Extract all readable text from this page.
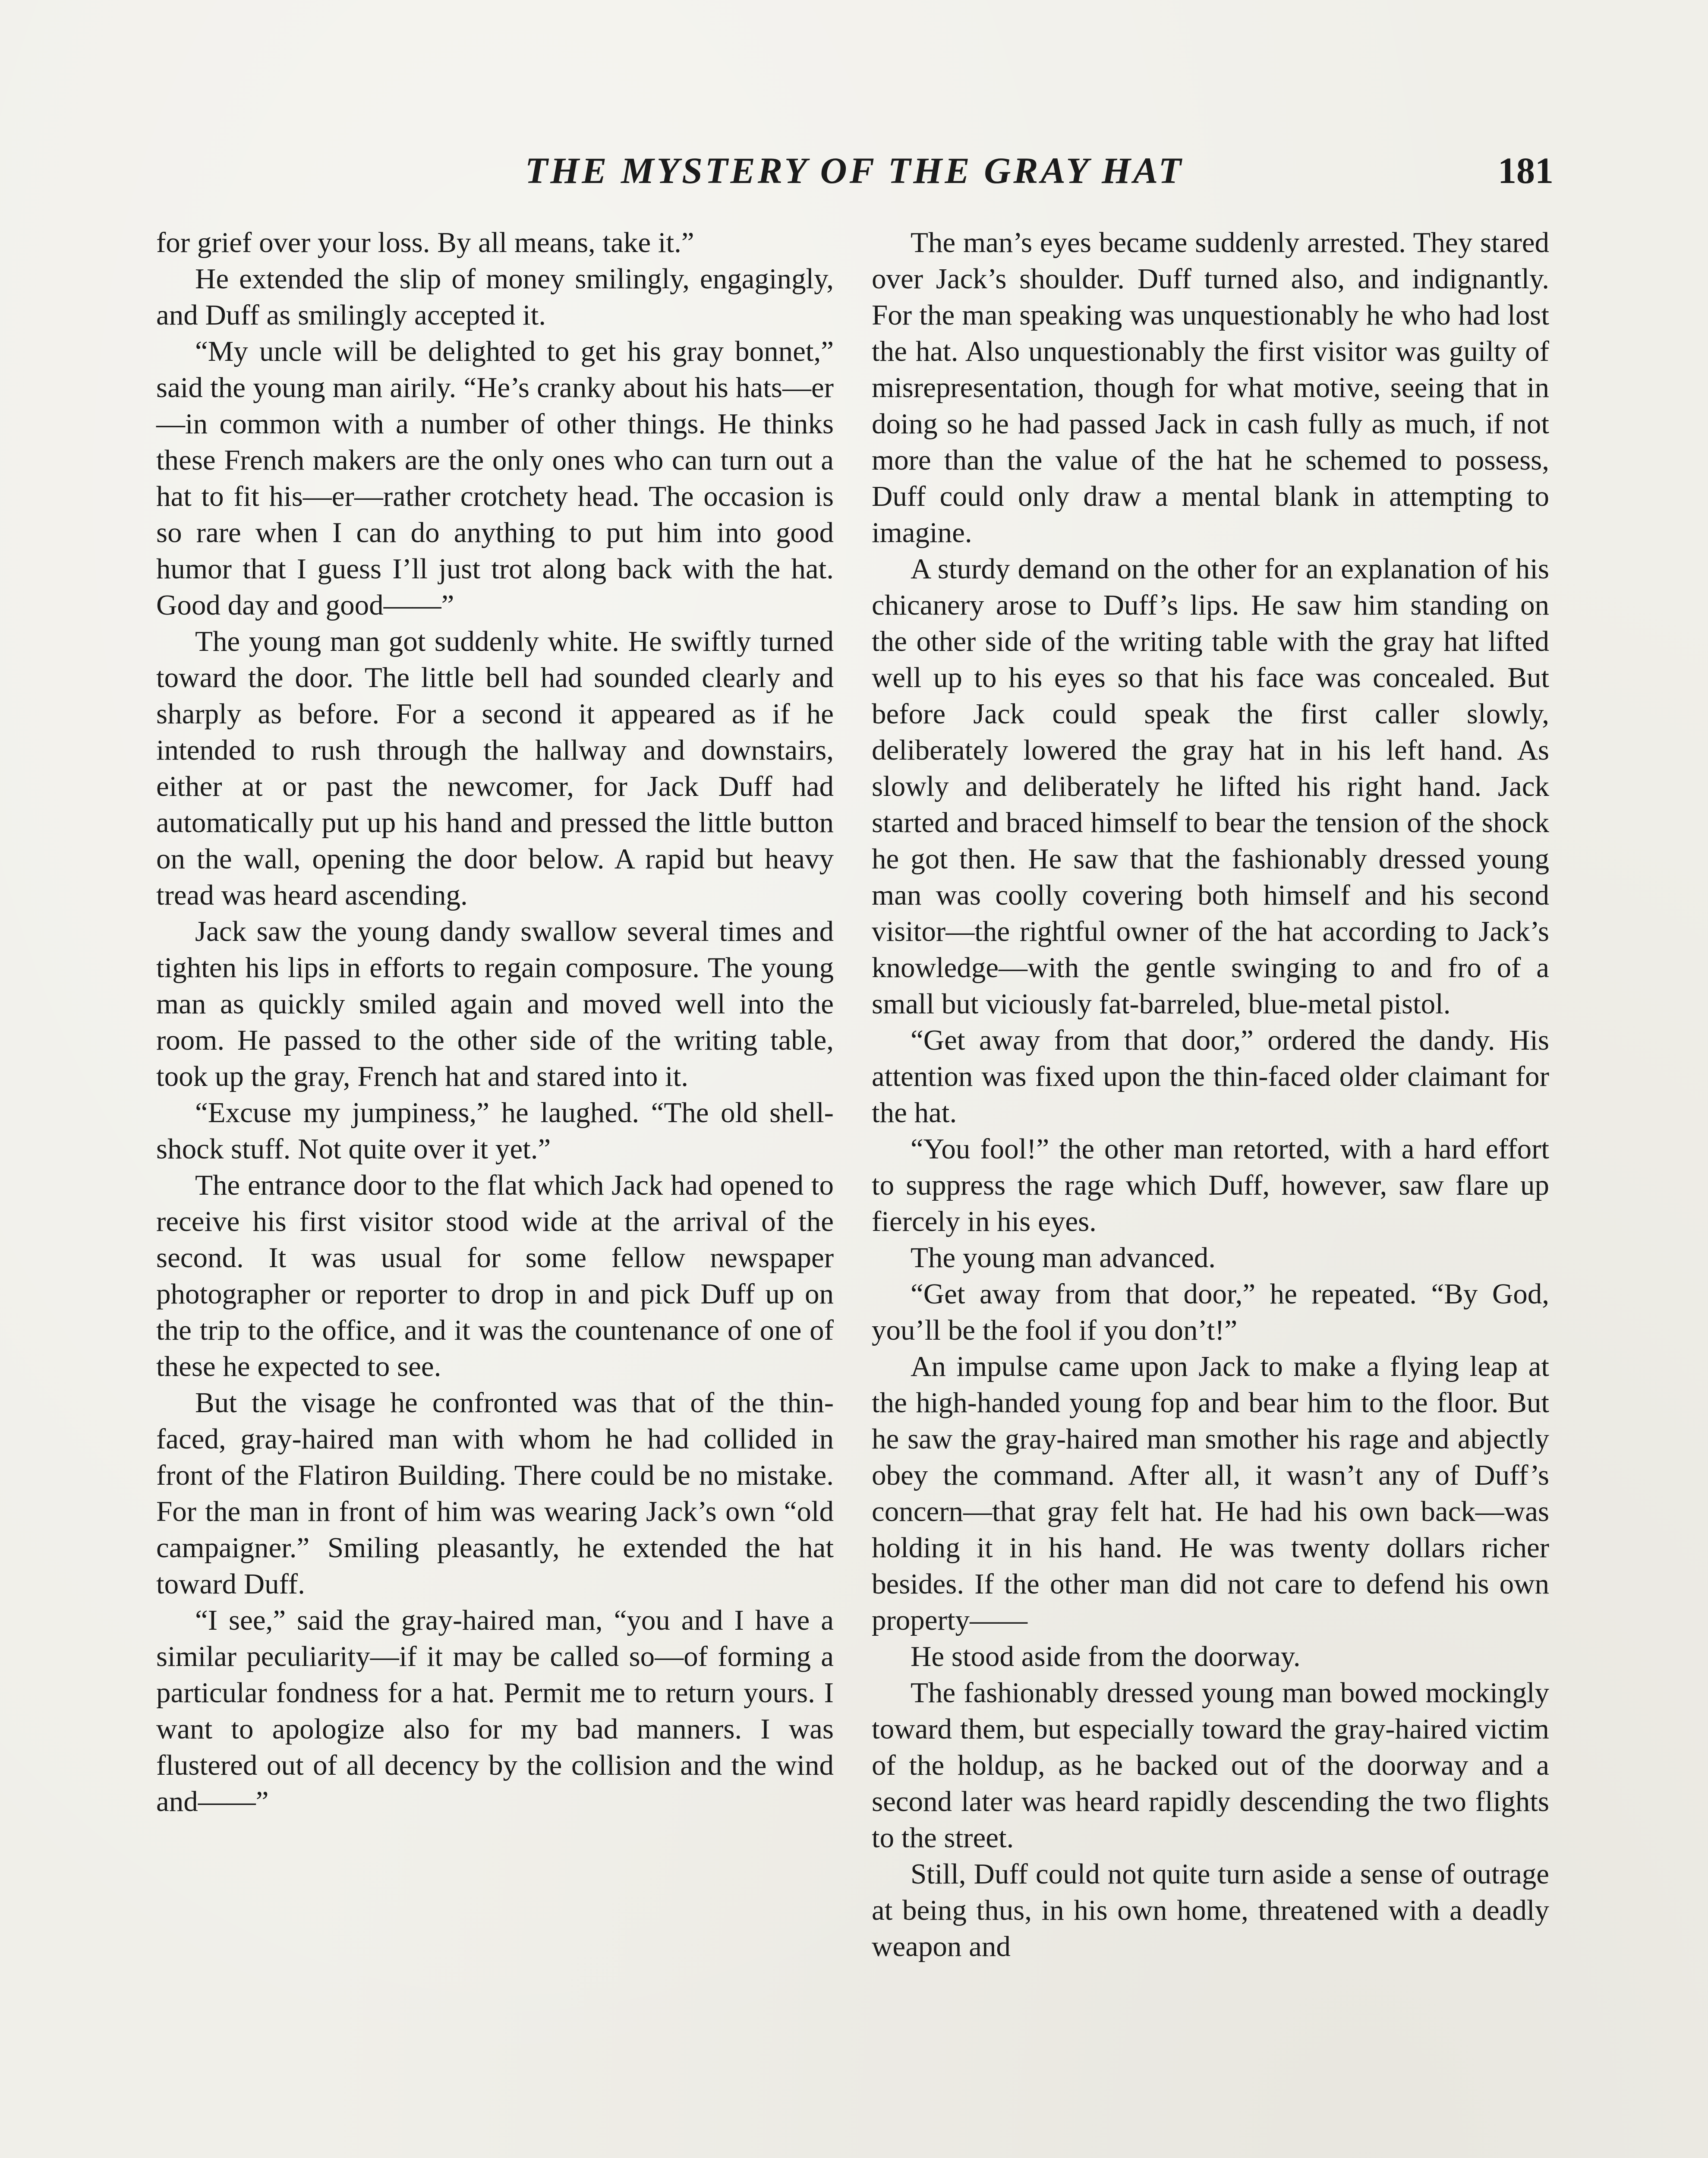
THE MYSTERY OF THE GRAY HAT	181

for grief over your loss. By all means, take it.”

He extended the slip of money smilingly, engagingly, and Duff as smilingly accepted it.

“My uncle will be delighted to get his gray bonnet,” said the young man airily. “He’s cranky about his hats—er—in common with a number of other things. He thinks these French makers are the only ones who can turn out a hat to fit his—er—rather crotchety head. The occasion is so rare when I can do anything to put him into good humor that I guess I’ll just trot along back with the hat. Good day and good——”

The young man got suddenly white. He swiftly turned toward the door. The little bell had sounded clearly and sharply as before. For a second it appeared as if he intended to rush through the hallway and downstairs, either at or past the newcomer, for Jack Duff had automatically put up his hand and pressed the little button on the wall, opening the door below. A rapid but heavy tread was heard ascending.

Jack saw the young dandy swallow several times and tighten his lips in efforts to regain composure. The young man as quickly smiled again and moved well into the room. He passed to the other side of the writing table, took up the gray, French hat and stared into it.

“Excuse my jumpiness,” he laughed. “The old shell-shock stuff. Not quite over it yet.”

The entrance door to the flat which Jack had opened to receive his first visitor stood wide at the arrival of the second. It was usual for some fellow newspaper photographer or reporter to drop in and pick Duff up on the trip to the office, and it was the countenance of one of these he expected to see.

But the visage he confronted was that of the thin-faced, gray-haired man with whom he had collided in front of the Flatiron Building. There could be no mistake. For the man in front of him was wearing Jack’s own “old campaigner.” Smiling pleasantly, he extended the hat toward Duff.

“I see,” said the gray-haired man, “you and I have a similar peculiarity—if it may be called so—of forming a particular fondness for a hat. Permit me to return yours. I want to apologize also for my bad manners. I was flustered out of all decency by the collision and the wind and——”

The man’s eyes became suddenly arrested. They stared over Jack’s shoulder. Duff turned also, and indignantly. For the man speaking was unquestionably he who had lost the hat. Also unquestionably the first visitor was guilty of misrepresentation, though for what motive, seeing that in doing so he had passed Jack in cash fully as much, if not more than the value of the hat he schemed to possess, Duff could only draw a mental blank in attempting to imagine.

A sturdy demand on the other for an explanation of his chicanery arose to Duff’s lips. He saw him standing on the other side of the writing table with the gray hat lifted well up to his eyes so that his face was concealed. But before Jack could speak the first caller slowly, deliberately lowered the gray hat in his left hand. As slowly and deliberately he lifted his right hand. Jack started and braced himself to bear the tension of the shock he got then. He saw that the fashionably dressed young man was coolly covering both himself and his second visitor—the rightful owner of the hat according to Jack’s knowledge—with the gentle swinging to and fro of a small but viciously fat-barreled, blue-metal pistol.

“Get away from that door,” ordered the dandy. His attention was fixed upon the thin-faced older claimant for the hat.

“You fool!” the other man retorted, with a hard effort to suppress the rage which Duff, however, saw flare up fiercely in his eyes.

The young man advanced.

“Get away from that door,” he repeated. “By God, you’ll be the fool if you don’t!”

An impulse came upon Jack to make a flying leap at the high-handed young fop and bear him to the floor. But he saw the gray-haired man smother his rage and abjectly obey the command. After all, it wasn’t any of Duff’s concern—that gray felt hat. He had his own back—was holding it in his hand. He was twenty dollars richer besides. If the other man did not care to defend his own property——

He stood aside from the doorway.

The fashionably dressed young man bowed mockingly toward them, but especially toward the gray-haired victim of the holdup, as he backed out of the doorway and a second later was heard rapidly descending the two flights to the street.

Still, Duff could not quite turn aside a sense of outrage at being thus, in his own home, threatened with a deadly weapon and
